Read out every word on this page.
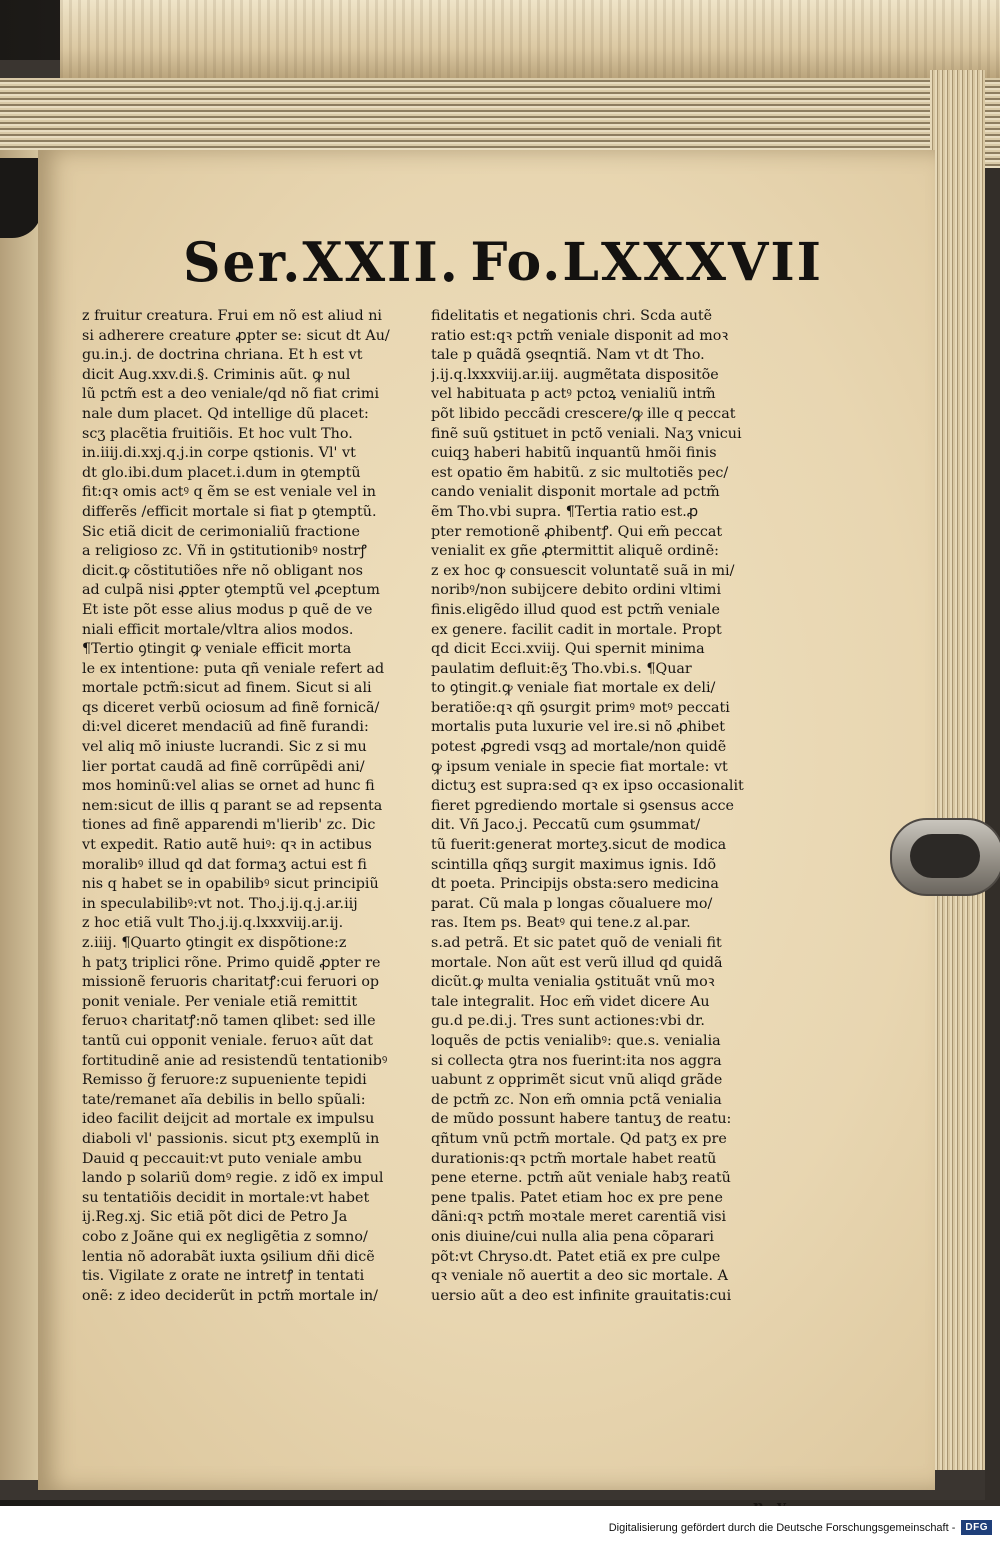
Ser.XXII. Fo.LXXXVII
z fruitur creatura. Frui em nõ est aliud ni
si adherere creature ꝓpter se: sicut dt Au/
gu.in.j. de doctrina chriana. Et h est vt
dicit Aug.xxv.di.§. Criminis aũt. ꝙ nul
lũ pctm̃ est a deo veniale/qd nõ fiat crimi
nale dum placet. Qd intellige dũ placet:
scʒ placẽtia fruitiõis. Et hoc vult Tho.
in.iiij.di.xxj.q.j.in corpe qstionis. Vl' vt
dt glo.ibi.dum placet.i.dum in ꝯtemptũ
fit:qꝛ omis actꝰ q ẽm se est veniale vel in
differẽs /efficit mortale si fiat p ꝯtemptũ.
Sic etiã dicit de cerimonialiũ fractione
a religioso zc. Vñ in ꝯstitutionibꝰ nostrꝭ
dicit.ꝙ cõstitutiões nr̃e nõ obligant nos
ad culpã nisi ꝓpter ꝯtemptũ vel ꝓceptum
Et iste põt esse alius modus p quẽ de ve
niali efficit mortale/vltra alios modos.
¶Tertio ꝯtingit ꝙ veniale efficit morta
le ex intentione: puta qñ veniale refert ad
mortale pctm̃:sicut ad finem. Sicut si ali
qs diceret verbũ ociosum ad finẽ fornicã/
di:vel diceret mendaciũ ad finẽ furandi:
vel aliq mõ iniuste lucrandi. Sic z si mu
lier portat caudã ad finẽ corrũpẽdi ani/
mos hominũ:vel alias se ornet ad hunc fi
nem:sicut de illis q parant se ad repsenta
tiones ad finẽ apparendi m'lierib' zc. Dic
vt expedit. Ratio autẽ huiꝰ: qꝛ in actibus
moralibꝰ illud qd dat formaʒ actui est fi
nis q habet se in opabilibꝰ sicut principiũ
in speculabilibꝰ:vt not. Tho.j.ij.q.j.ar.iij
z hoc etiã vult Tho.j.ij.q.lxxxviij.ar.ij.
z.iiij. ¶Quarto ꝯtingit ex dispõtione:z
h patʒ triplici rõne. Primo quidẽ ꝓpter re
missionẽ feruoris charitatꝭ:cui feruori op
ponit veniale. Per veniale etiã remittit
feruoꝛ charitatꝭ:nõ tamen qlibet: sed ille
tantũ cui opponit veniale. feruoꝛ aũt dat
fortitudinẽ anie ad resistendũ tentationibꝰ
Remisso g̃ feruore:z supueniente tepidi
tate/remanet aĩa debilis in bello spũali:
ideo facilit deijcit ad mortale ex impulsu
diaboli vl' passionis. sicut ptʒ exemplũ in
Dauid q peccauit:vt puto veniale ambu
lando p solariũ domꝰ regie. z idõ ex impul
su tentatiõis decidit in mortale:vt habet
ij.Reg.xj. Sic etiã põt dici de Petro Ja
cobo z Joãne qui ex negligẽtia z somno/
lentia nõ adorabãt iuxta ꝯsilium dñi dicẽ
tis. Vigilate z orate ne intretꝭ in tentati
onẽ: z ideo deciderũt in pctm̃ mortale in/
fidelitatis et negationis chri. Scda autẽ
ratio est:qꝛ pctm̃ veniale disponit ad moꝛ
tale p quãdã ꝯseqntiã. Nam vt dt Tho.
j.ij.q.lxxxviij.ar.iij. augmẽtata dispositõe
vel habituata p actꝰ pctoꝝ venialiũ intm̃
põt libido peccãdi crescere/ꝙ ille q peccat
finẽ suũ ꝯstituet in pctõ veniali. Naʒ vnicui
cuiqꝫ haberi habitũ inquantũ hmõi finis
est opatio ẽm habitũ. z sic multotiẽs pec/
cando venialit disponit mortale ad pctm̃
ẽm Tho.vbi supra. ¶Tertia ratio est.ꝓ
pter remotionẽ ꝓhibentꝭ. Qui em̃ peccat
venialit ex gñe ꝓtermittit aliquẽ ordinẽ:
z ex hoc ꝙ consuescit voluntatẽ suã in mi/
noribꝰ/non subijcere debito ordini vltimi
finis.eligẽdo illud quod est pctm̃ veniale
ex genere. facilit cadit in mortale. Propt
qd dicit Ecci.xviij. Qui spernit minima
paulatim defluit:ẽʒ Tho.vbi.s. ¶Quar
to ꝯtingit.ꝙ veniale fiat mortale ex deli/
beratiõe:qꝛ qñ ꝯsurgit primꝰ motꝰ peccati
mortalis puta luxurie vel ire.si nõ ꝓhibet
potest ꝓgredi vsqꝫ ad mortale/non quidẽ
ꝙ ipsum veniale in specie fiat mortale: vt
dictuʒ est supra:sed qꝛ ex ipso occasionalit
fieret pgrediendo mortale si ꝯsensus acce
dit. Vñ Jaco.j. Peccatũ cum ꝯsummat/
tũ fuerit:generat morteʒ.sicut de modica
scintilla qñqꝫ surgit maximus ignis. Idõ
dt poeta. Principijs obsta:sero medicina
parat. Cũ mala p longas cõualuere mo/
ras. Item ps. Beatꝰ qui tene.z al.par.
s.ad petrã. Et sic patet quõ de veniali fit
mortale. Non aũt est verũ illud qd quidã
dicũt.ꝙ multa venialia ꝯstituãt vnũ moꝛ
tale integralit. Hoc em̃ videt dicere Au
gu.d pe.di.j. Tres sunt actiones:vbi dr.
loquẽs de pctis venialibꝰ: que.s. venialia
si collecta ꝯtra nos fuerint:ita nos aggra
uabunt z opprimẽt sicut vnũ aliqd grãde
de pctm̃ zc. Non em̃ omnia pctã venialia
de mũdo possunt habere tantuʒ de reatu:
qñtum vnũ pctm̃ mortale. Qd patʒ ex pre
durationis:qꝛ pctm̃ mortale habet reatũ
pene eterne. pctm̃ aũt veniale habʒ reatũ
pene tpalis. Patet etiam hoc ex pre pene
dãni:qꝛ pctm̃ moꝛtale meret carentiã visi
onis diuine/cui nulla alia pena cõparari
põt:vt Chryso.dt. Patet etiã ex pre culpe
qꝛ veniale nõ auertit a deo sic mortale. A
uersio aũt a deo est infinite grauitatis:cui
Digitalisierung gefördert durch die Deutsche Forschungsgemeinschaft -	DFG
